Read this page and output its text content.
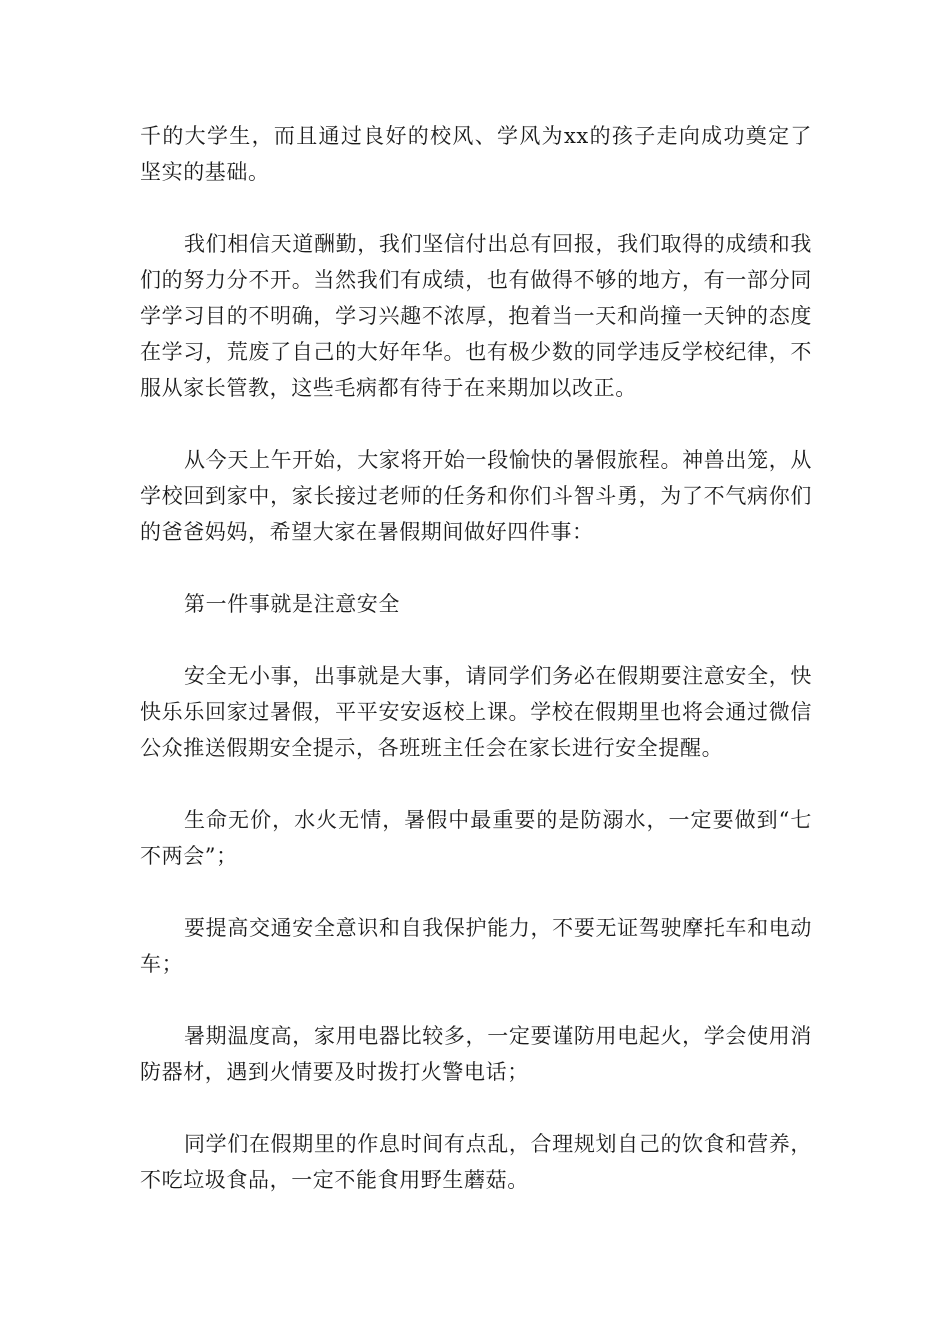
千的大学生，而且通过良好的校风、学风为xx的孩子走向成功奠定了坚实的基础。

我们相信天道酬勤，我们坚信付出总有回报，我们取得的成绩和我们的努力分不开。当然我们有成绩，也有做得不够的地方，有一部分同学学习目的不明确，学习兴趣不浓厚，抱着当一天和尚撞一天钟的态度在学习，荒废了自己的大好年华。也有极少数的同学违反学校纪律，不服从家长管教，这些毛病都有待于在来期加以改正。

从今天上午开始，大家将开始一段愉快的暑假旅程。神兽出笼，从学校回到家中，家长接过老师的任务和你们斗智斗勇，为了不气病你们的爸爸妈妈，希望大家在暑假期间做好四件事：

第一件事就是注意安全

安全无小事，出事就是大事，请同学们务必在假期要注意安全，快快乐乐回家过暑假，平平安安返校上课。学校在假期里也将会通过微信公众推送假期安全提示，各班班主任会在家长进行安全提醒。

生命无价，水火无情，暑假中最重要的是防溺水，一定要做到“七不两会”；

要提高交通安全意识和自我保护能力，不要无证驾驶摩托车和电动车；

暑期温度高，家用电器比较多，一定要谨防用电起火，学会使用消防器材，遇到火情要及时拨打火警电话；

同学们在假期里的作息时间有点乱，合理规划自己的饮食和营养，不吃垃圾食品，一定不能食用野生蘑菇。
